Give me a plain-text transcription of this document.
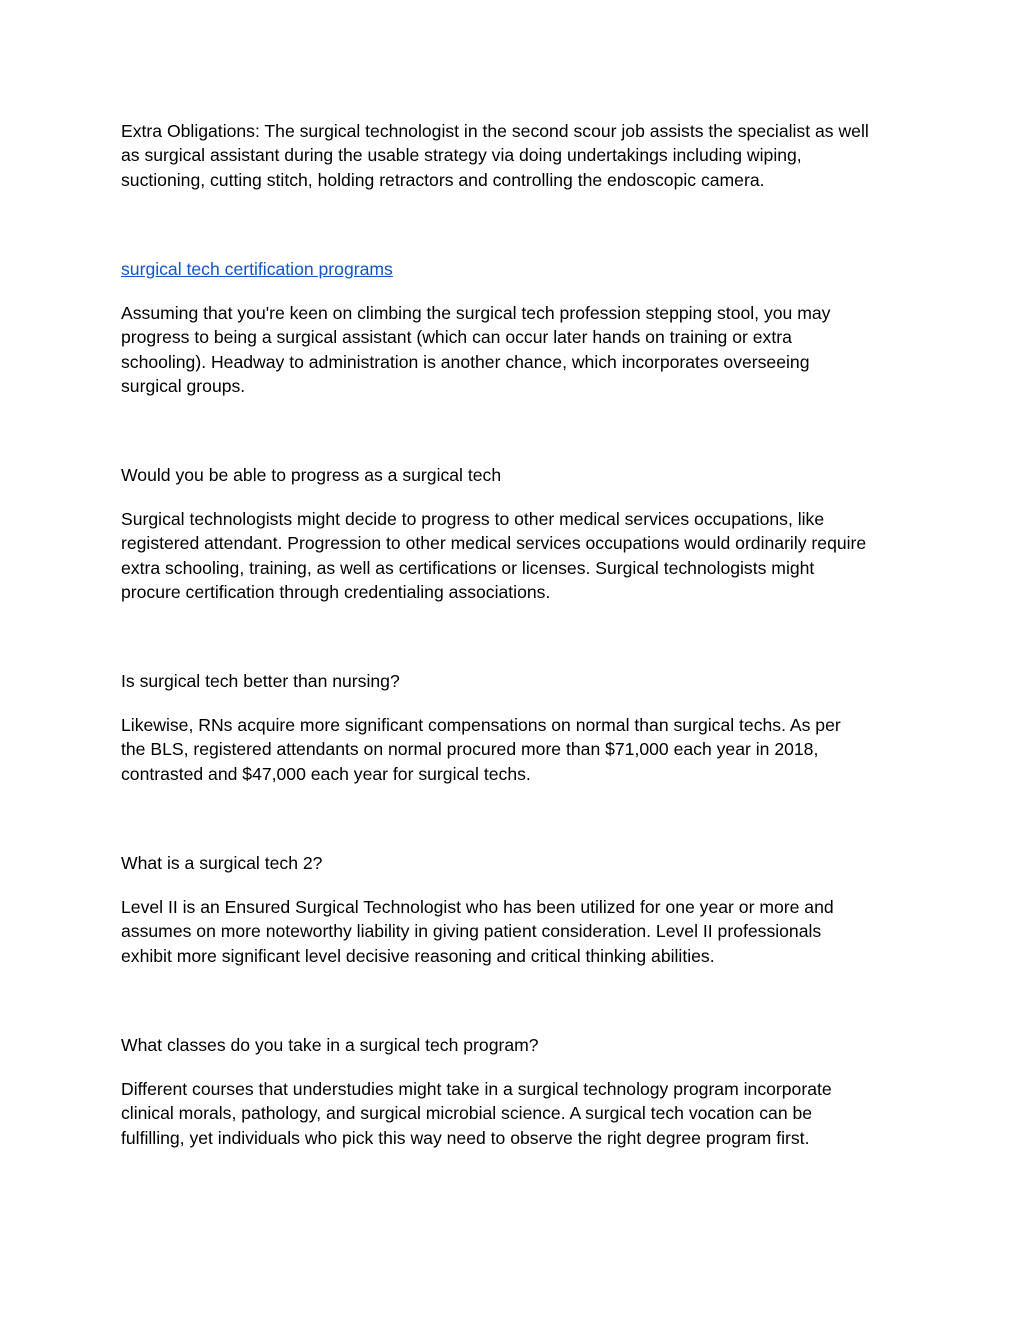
Extra Obligations: The surgical technologist in the second scour job assists the specialist as well
as surgical assistant during the usable strategy via doing undertakings including wiping,
suctioning, cutting stitch, holding retractors and controlling the endoscopic camera.

surgical tech certification programs

Assuming that you're keen on climbing the surgical tech profession stepping stool, you may
progress to being a surgical assistant (which can occur later hands on training or extra
schooling). Headway to administration is another chance, which incorporates overseeing
surgical groups.

Would you be able to progress as a surgical tech

Surgical technologists might decide to progress to other medical services occupations, like
registered attendant. Progression to other medical services occupations would ordinarily require
extra schooling, training, as well as certifications or licenses. Surgical technologists might
procure certification through credentialing associations.

Is surgical tech better than nursing?

Likewise, RNs acquire more significant compensations on normal than surgical techs. As per
the BLS, registered attendants on normal procured more than $71,000 each year in 2018,
contrasted and $47,000 each year for surgical techs.

What is a surgical tech 2?

Level II is an Ensured Surgical Technologist who has been utilized for one year or more and
assumes on more noteworthy liability in giving patient consideration. Level II professionals
exhibit more significant level decisive reasoning and critical thinking abilities.

What classes do you take in a surgical tech program?

Different courses that understudies might take in a surgical technology program incorporate
clinical morals, pathology, and surgical microbial science. A surgical tech vocation can be
fulfilling, yet individuals who pick this way need to observe the right degree program first.
